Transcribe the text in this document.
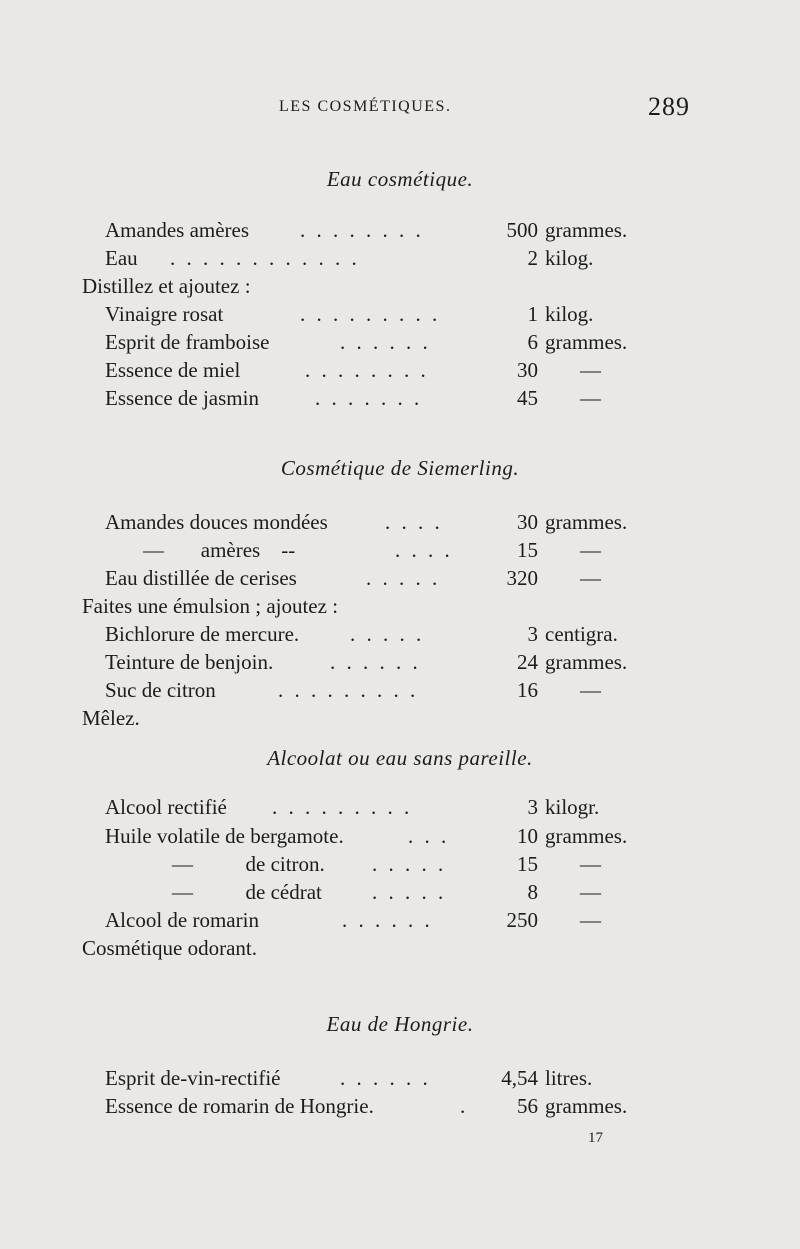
LES COSMÉTIQUES.	289
Eau cosmétique.
Amandes amères . . . . . . . .	500 grammes.
Eau . . . . . . . . . . . .	2 kilog.
Distillez et ajoutez :
Vinaigre rosat	. . . . . . . . .	1 kilog.
Esprit de framboise	. . . . . .	6 grammes.
Essence de miel	. . . . . . . .	30 —
Essence de jasmin	. . . . . . .	45 —
Cosmétique de Siemerling.
Amandes douces mondées	. . . .	30 grammes.
—       amères    --	. . . .	15 —
Eau distillée de cerises	. . . . .	320 —
Faites une émulsion ; ajoutez :
Bichlorure de mercure. . . . . .	3 centigra.
Teinture de benjoin.	. . . . . .	24 grammes.
Suc de citron	. . . . . . . . .	16 —
Mêlez.
Alcoolat ou eau sans pareille.
Alcool rectifié . . . . . . . . .	3 kilogr.
Huile volatile de bergamote.	. . .	10 grammes.
—          de citron. . . . . .	15 —
—          de cédrat . . . . .	8 —
Alcool de romarin	. . . . . .	250 —
Cosmétique odorant.
Eau de Hongrie.
Esprit de-vin-rectifié	. . . . . .	4,54 litres.
Essence de romarin de Hongrie.	.	56 grammes.
17
